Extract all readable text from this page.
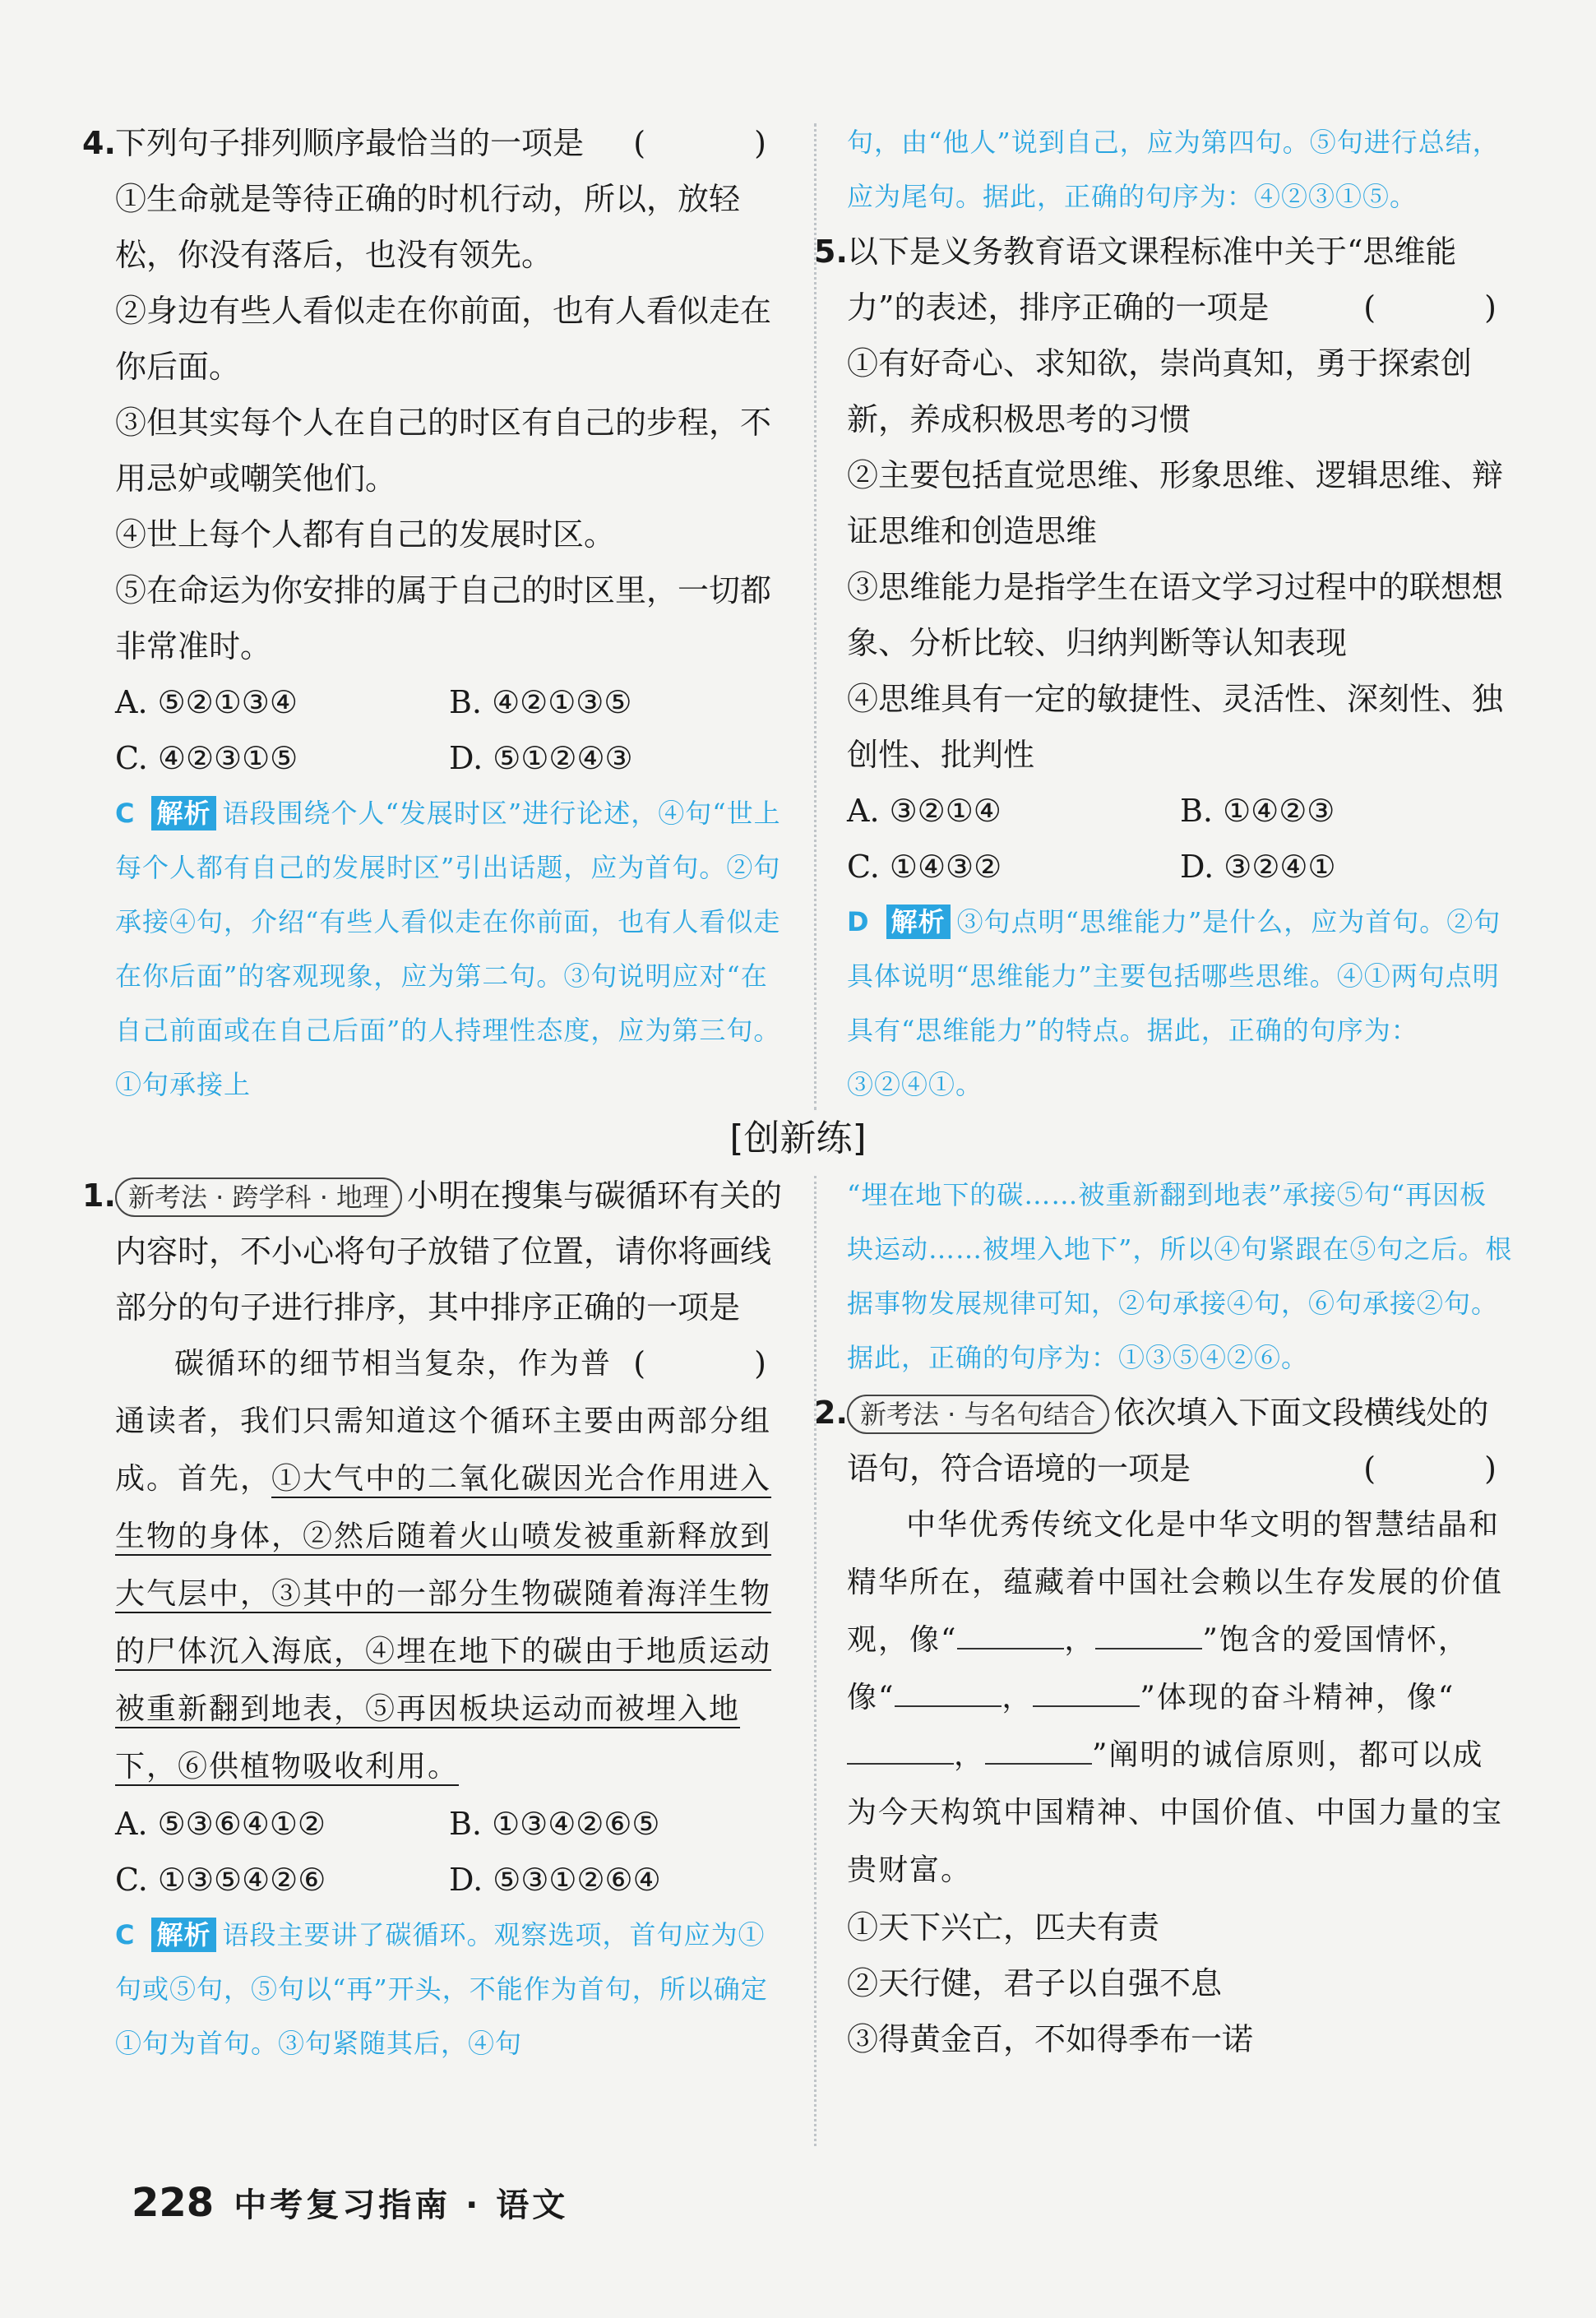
4.下列句子排列顺序最恰当的一项是 ( )

①生命就是等待正确的时机行动，所以，放轻松，你没有落后，也没有领先。

②身边有些人看似走在你前面，也有人看似走在你后面。

③但其实每个人在自己的时区有自己的步程，不用忌妒或嘲笑他们。

④世上每个人都有自己的发展时区。

⑤在命运为你安排的属于自己的时区里，一切都非常准时。

A. ⑤②①③④	B. ④②①③⑤
C. ④②③①⑤	D. ⑤①②④③

C 解析 语段围绕个人“发展时区”进行论述，④句“世上每个人都有自己的发展时区”引出话题，应为首句。②句承接④句，介绍“有些人看似走在你前面，也有人看似走在你后面”的客观现象，应为第二句。③句说明应对“在自己前面或在自己后面”的人持理性态度，应为第三句。①句承接上

句，由“他人”说到自己，应为第四句。⑤句进行总结，应为尾句。据此，正确的句序为：④②③①⑤。

5.以下是义务教育语文课程标准中关于“思维能力”的表述，排序正确的一项是	( )

①有好奇心、求知欲，崇尚真知，勇于探索创新，养成积极思考的习惯

②主要包括直觉思维、形象思维、逻辑思维、辩证思维和创造思维

③思维能力是指学生在语文学习过程中的联想想象、分析比较、归纳判断等认知表现

④思维具有一定的敏捷性、灵活性、深刻性、独创性、批判性

A. ③②①④	B. ①④②③
C. ①④③②	D. ③②④①

D 解析 ③句点明“思维能力”是什么，应为首句。②句具体说明“思维能力”主要包括哪些思维。④①两句点明具有“思维能力”的特点。据此，正确的句序为：③②④①。

[创新练]

1. 新考法 · 跨学科 · 地理 小明在搜集与碳循环有关的内容时，不小心将句子放错了位置，请你将画线部分的句子进行排序，其中排序正确的一项是
( )

碳循环的细节相当复杂，作为普通读者，我们只需知道这个循环主要由两部分组成。首先，①大气中的二氧化碳因光合作用进入生物的身体，②然后随着火山喷发被重新释放到大气层中，③其中的一部分生物碳随着海洋生物的尸体沉入海底，④埋在地下的碳由于地质运动被重新翻到地表，⑤再因板块运动而被埋入地下，⑥供植物吸收利用。

A. ⑤③⑥④①②	B. ①③④②⑥⑤
C. ①③⑤④②⑥	D. ⑤③①②⑥④

C 解析 语段主要讲了碳循环。观察选项，首句应为①句或⑤句，⑤句以“再”开头，不能作为首句，所以确定①句为首句。③句紧随其后，④句

“埋在地下的碳……被重新翻到地表”承接⑤句“再因板块运动……被埋入地下”，所以④句紧跟在⑤句之后。根据事物发展规律可知，②句承接④句，⑥句承接②句。据此，正确的句序为：①③⑤④②⑥。

2. 新考法 · 与名句结合 依次填入下面文段横线处的语句，符合语境的一项是	( )

中华优秀传统文化是中华文明的智慧结晶和精华所在，蕴藏着中国社会赖以生存发展的价值观，像“	，	”饱含的爱国情怀，像“	，	”体现的奋斗精神，像“，	”阐明的诚信原则，都可以成为今天构筑中国精神、中国价值、中国力量的宝贵财富。

①天下兴亡，匹夫有责

②天行健，君子以自强不息

③得黄金百，不如得季布一诺

228 中考复习指南 · 语文
